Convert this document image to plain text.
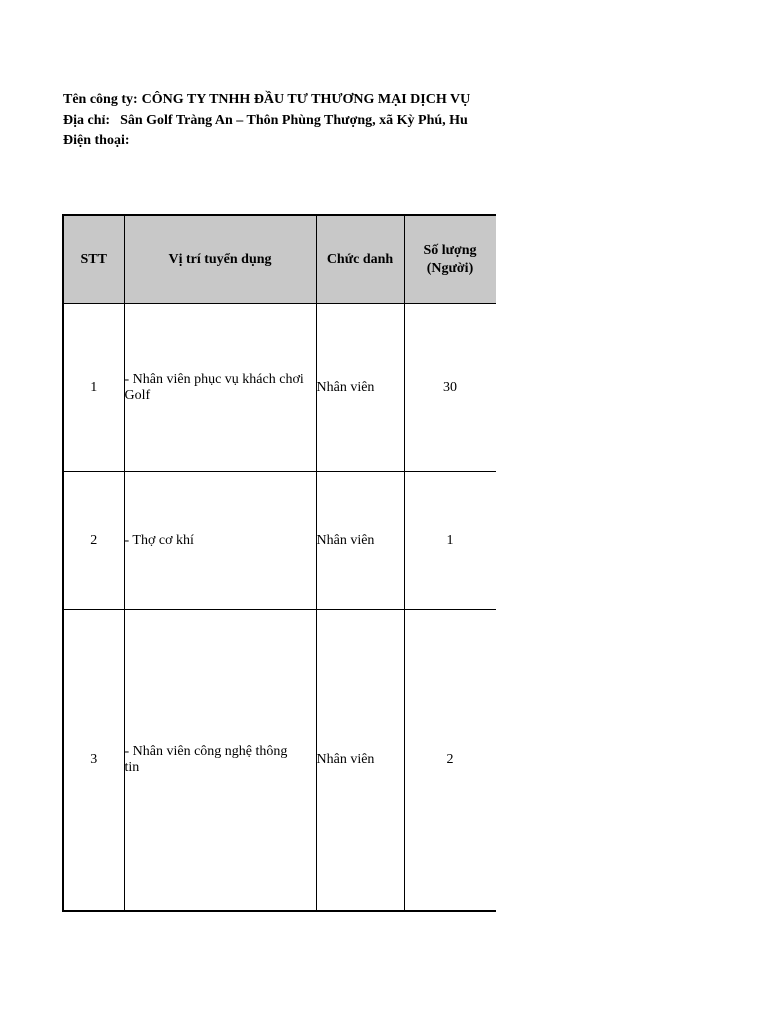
Tên công ty: CÔNG TY TNHH ĐẦU TƯ THƯƠNG MẠI DỊCH VỤ
Địa chỉ: Sân Golf Tràng An – Thôn Phùng Thượng, xã Kỳ Phú, Hu
Điện thoại:
STT	Vị trí tuyển dụng	Chức danh	Số lượng (Người)	
1	- Nhân viên phục vụ khách chơi Golf	Nhân viên	30	
2	- Thợ cơ khí	Nhân viên	1	
3	- Nhân viên công nghệ thông tin	Nhân viên	2	
